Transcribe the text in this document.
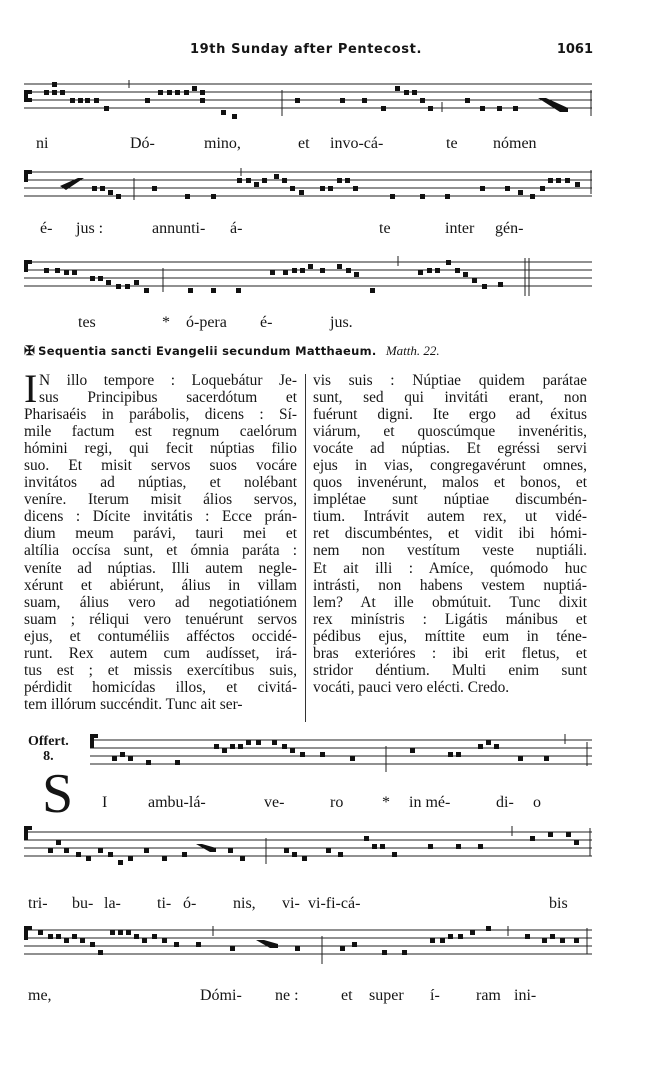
19th Sunday after Pentecost.	1061
ni	Dó-	mino,	et invo-cá-	te nómen
é- jus :	annunti- á-	te	inter gén-
tes	* ó-pera é-	jus.
✠ Sequentia sancti Evangelii secundum Matthaeum. Matth. 22.
I N illo tempore : Loquebátur Je-
sus Principibus sacerdótum et
Pharisaéis in parábolis, dicens : Sí-
mile factum est regnum caelórum
hómini regi, qui fecit núptias filio
suo. Et misit servos suos vocáre
invitátos ad núptias, et nolébant
veníre. Iterum misit álios servos,
dicens : Dícite invitátis : Ecce prán-
dium meum parávi, tauri mei et
altília occísa sunt, et ómnia paráta :
veníte ad núptias. Illi autem negle-
xérunt et abiérunt, álius in villam
suam, álius vero ad negotiatiónem
suam ; réliqui vero tenuérunt servos
ejus, et contuméliis afféctos occidé-
runt. Rex autem cum audísset, irá-
tus est ; et missis exercítibus suis,
pérdidit homicídas illos, et civitá-
tem illórum succéndit. Tunc ait ser-
vis suis : Núptiae quidem parátae
sunt, sed qui invitáti erant, non
fuérunt digni. Ite ergo ad éxitus
viárum, et quoscúmque invenéritis,
vocáte ad núptias. Et egréssi servi
ejus in vias, congregavérunt omnes,
quos invenérunt, malos et bonos, et
implétae sunt núptiae discumbén-
tium. Intrávit autem rex, ut vidé-
ret discumbéntes, et vidit ibi hómi-
nem non vestítum veste nuptiáli.
Et ait illi : Amíce, quómodo huc
intrásti, non habens vestem nuptiá-
lem? At ille obmútuit. Tunc dixit
rex minístris : Ligátis mánibus et
pédibus ejus, míttite eum in téne-
bras exterióres : ibi erit fletus, et
stridor déntium. Multi enim sunt
vocáti, pauci vero elécti. Credo.
Offert.
8.
S I	ambu-lá-	ve-	ro * in mé-	di- o
tri- bu- la- ti- ó- nis, vi- vi-fi-cá-	bis
me,	Dómi- ne :	et super í- ram ini-
